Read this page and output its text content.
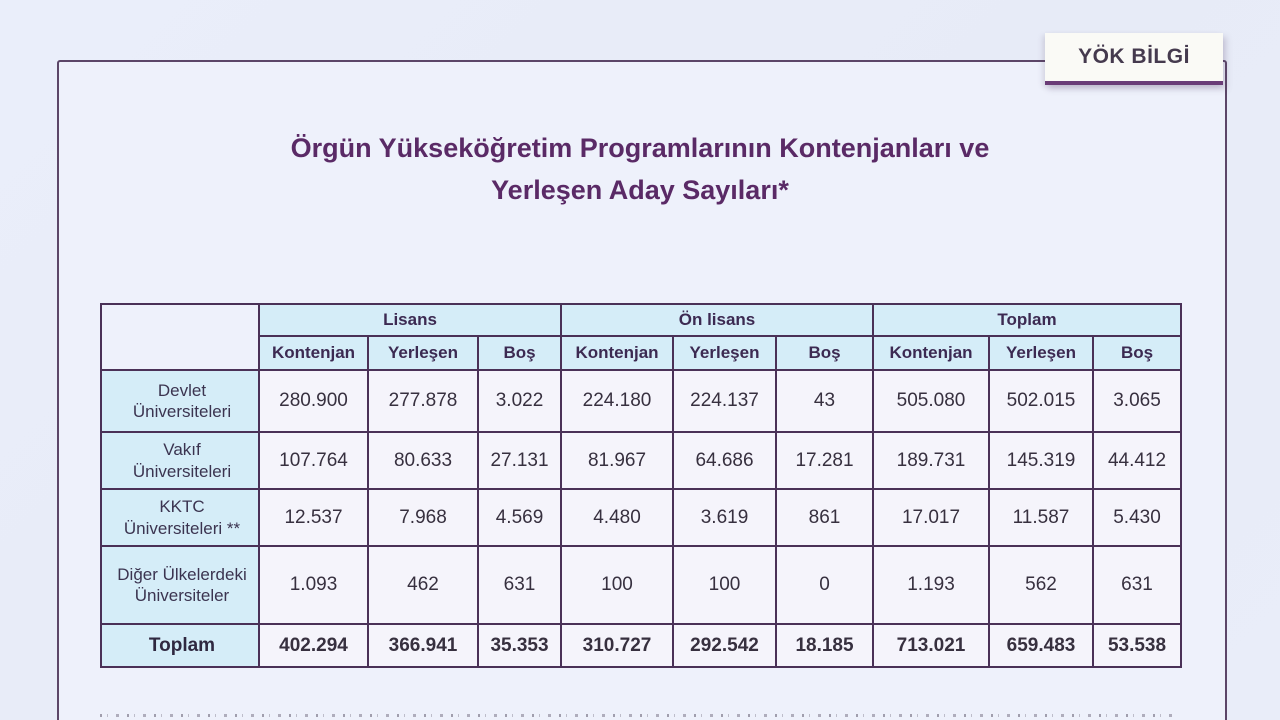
YÖK BİLGİ
Örgün Yükseköğretim Programlarının Kontenjanları ve
Yerleşen Aday Sayıları*
	Lisans			Ön lisans			Toplam		
	Kontenjan	Yerleşen	Boş	Kontenjan	Yerleşen	Boş	Kontenjan	Yerleşen	Boş
Devlet Üniversiteleri	280.900	277.878	3.022	224.180	224.137	43	505.080	502.015	3.065
Vakıf Üniversiteleri	107.764	80.633	27.131	81.967	64.686	17.281	189.731	145.319	44.412
KKTC Üniversiteleri **	12.537	7.968	4.569	4.480	3.619	861	17.017	11.587	5.430
Diğer Ülkelerdeki Üniversiteler	1.093	462	631	100	100	0	1.193	562	631
Toplam	402.294	366.941	35.353	310.727	292.542	18.185	713.021	659.483	53.538
